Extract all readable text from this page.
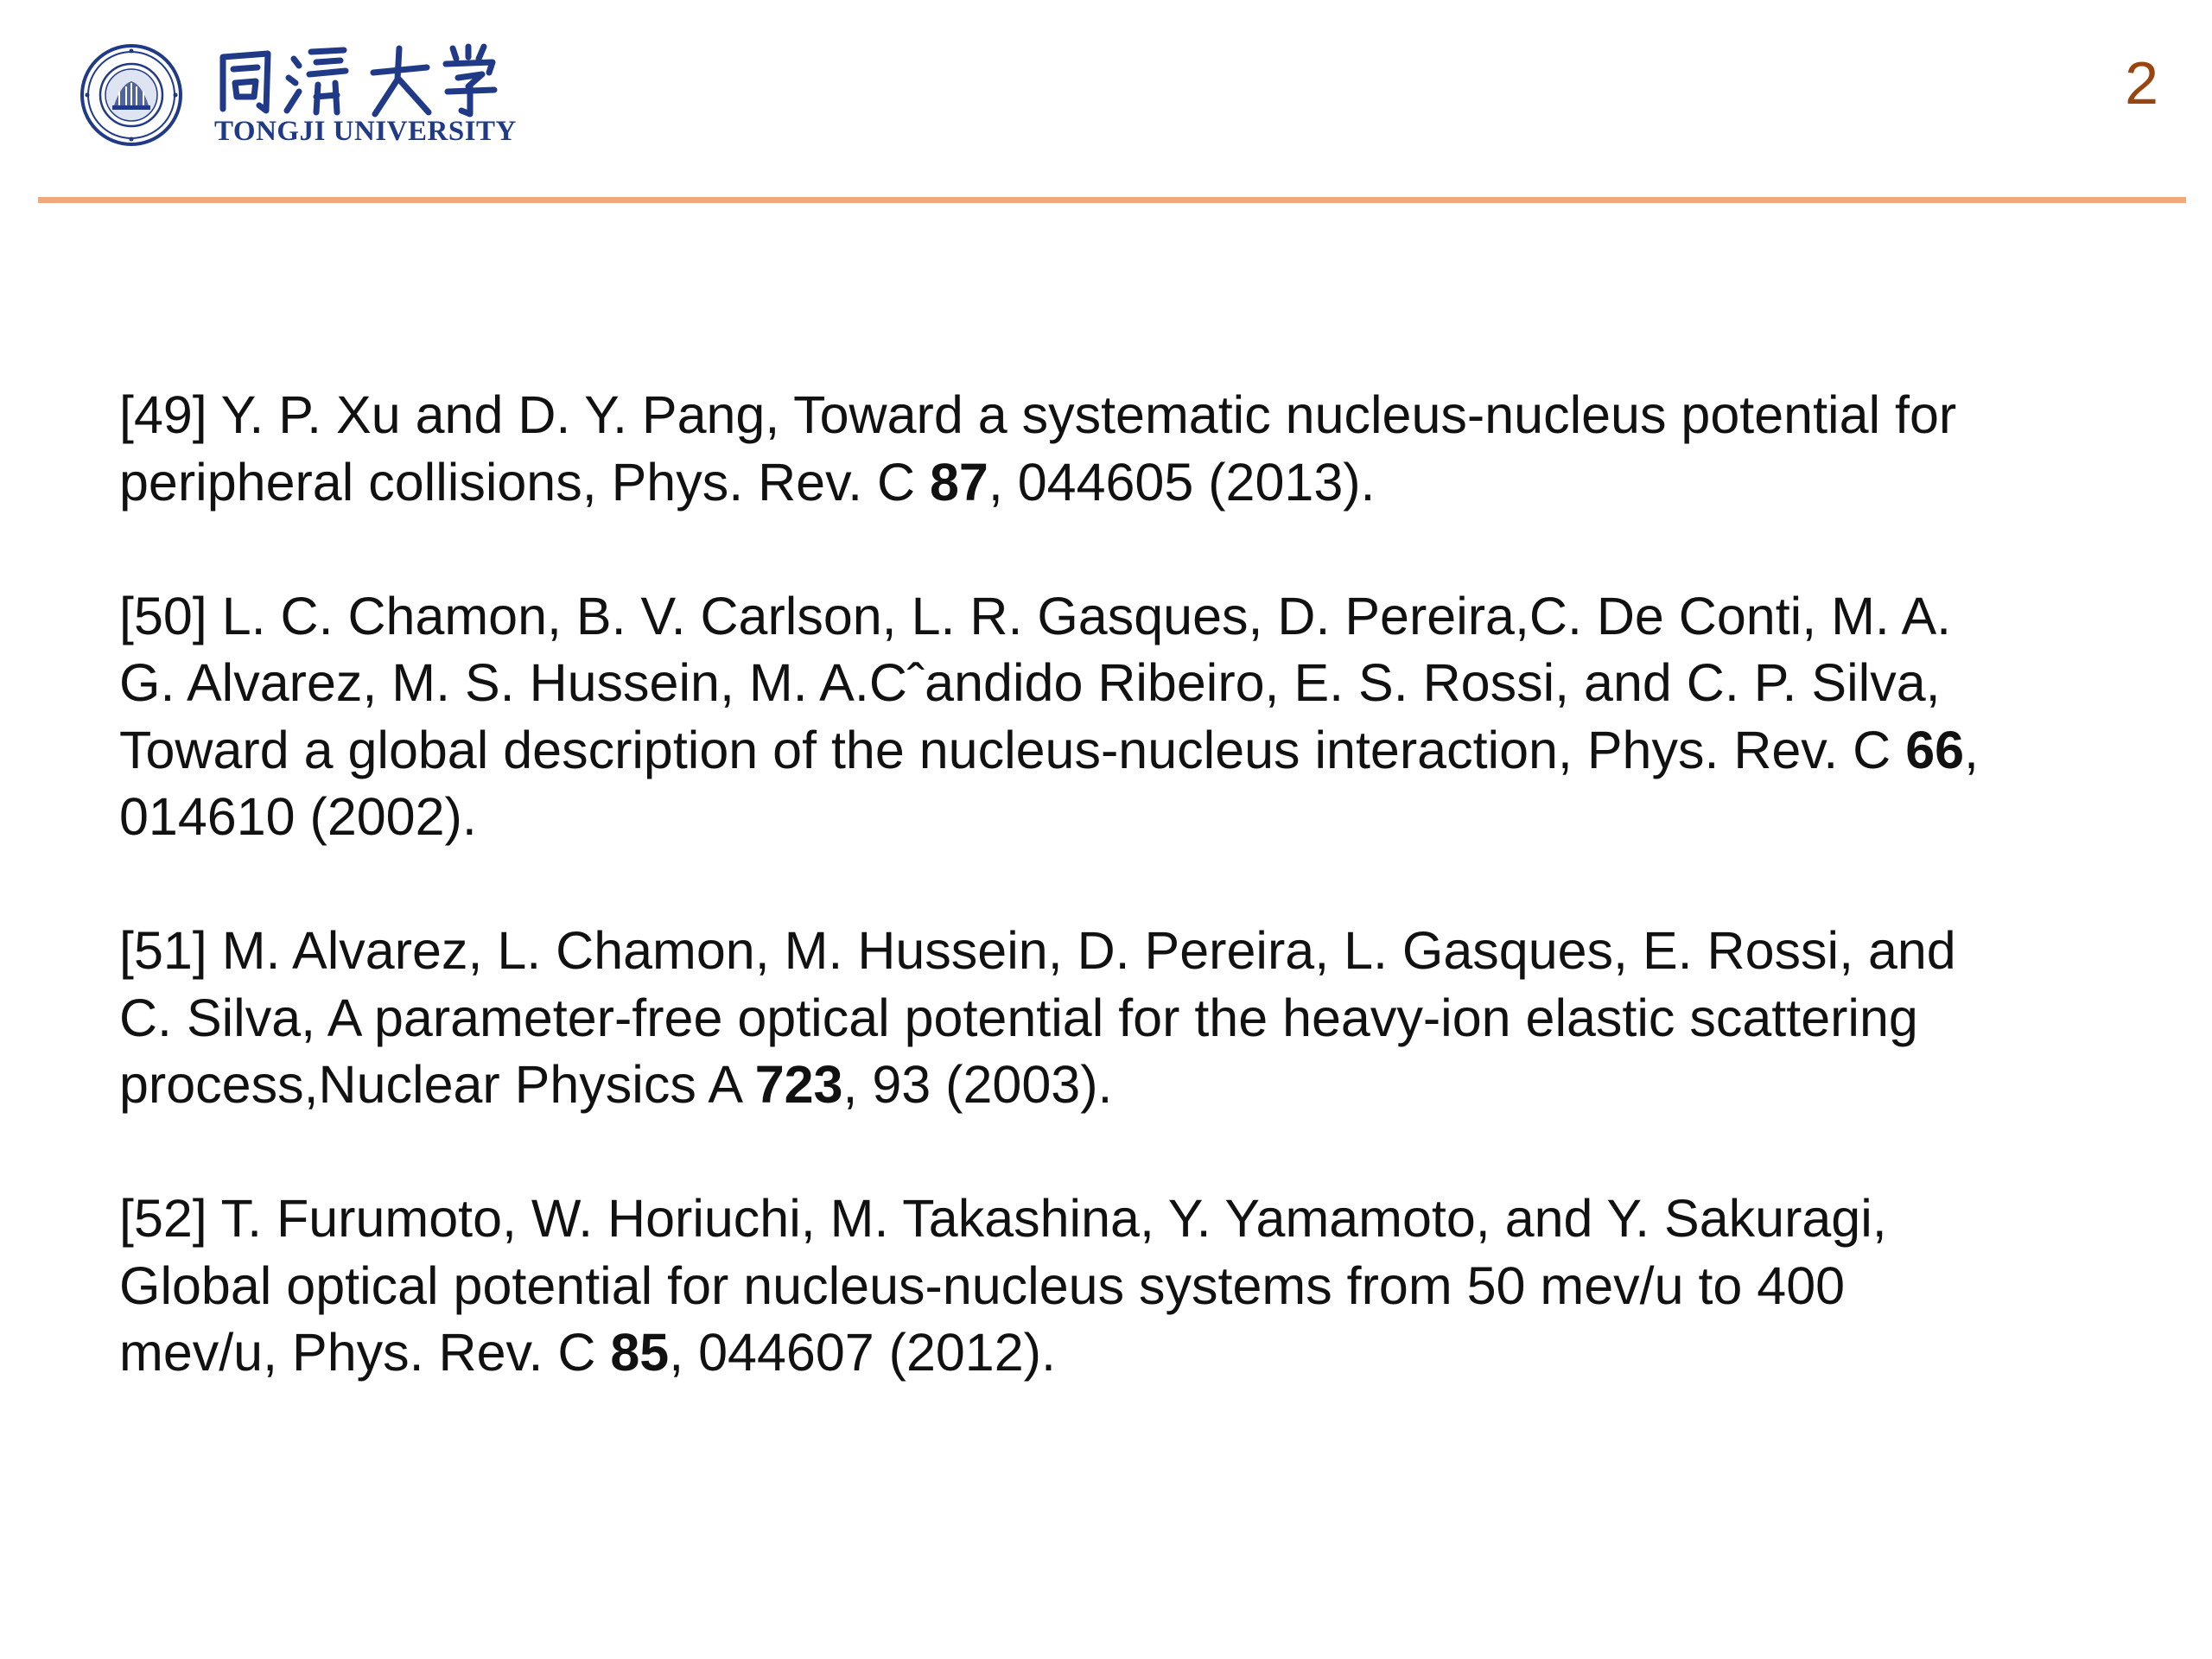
TONGJI UNIVERSITY
2
[49] Y. P. Xu and D. Y. Pang, Toward a systematic nucleus-nucleus potential for
peripheral collisions, Phys. Rev. C 87, 044605 (2013).
[50] L. C. Chamon, B. V. Carlson, L. R. Gasques, D. Pereira,C. De Conti, M. A.
G. Alvarez, M. S. Hussein, M. A.Cˆandido Ribeiro, E. S. Rossi, and C. P. Silva,
Toward a global description of the nucleus-nucleus interaction, Phys. Rev. C 66,
014610 (2002).
[51] M. Alvarez, L. Chamon, M. Hussein, D. Pereira, L. Gasques, E. Rossi, and
C. Silva, A parameter-free optical potential for the heavy-ion elastic scattering
process,Nuclear Physics A 723, 93 (2003).
[52] T. Furumoto, W. Horiuchi, M. Takashina, Y. Yamamoto, and Y. Sakuragi,
Global optical potential for nucleus-nucleus systems from 50 mev/u to 400
mev/u, Phys. Rev. C 85, 044607 (2012).
